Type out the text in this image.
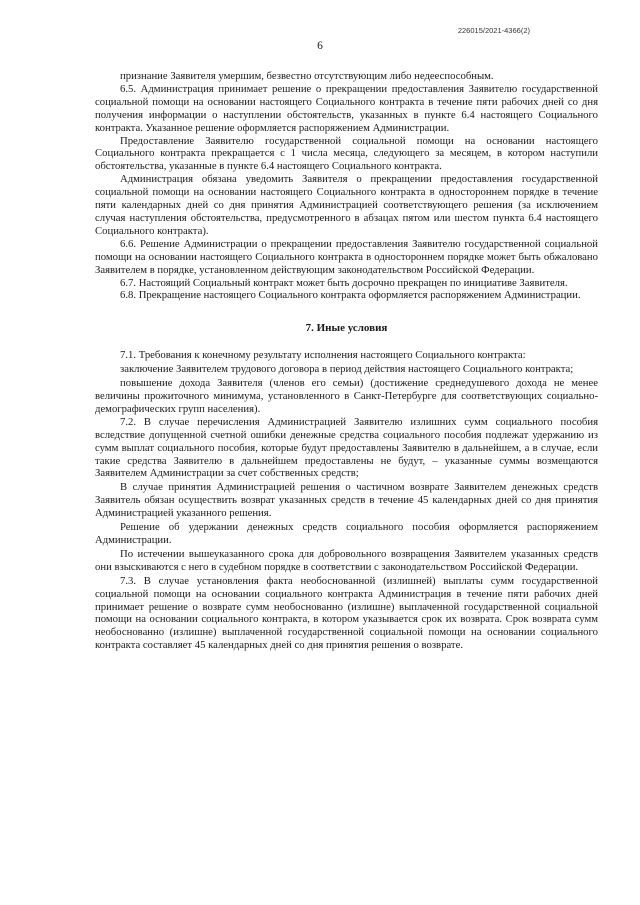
226015/2021-4366(2)
6

признание Заявителя умершим, безвестно отсутствующим либо недееспособным.

6.5. Администрация принимает решение о прекращении предоставления Заявителю государственной социальной помощи на основании настоящего Социального контракта в течение пяти рабочих дней со дня получения информации о наступлении обстоятельств, указанных в пункте 6.4 настоящего Социального контракта. Указанное решение оформляется распоряжением Администрации.

Предоставление Заявителю государственной социальной помощи на основании настоящего Социального контракта прекращается с 1 числа месяца, следующего за месяцем, в котором наступили обстоятельства, указанные в пункте 6.4 настоящего Социального контракта.

Администрация обязана уведомить Заявителя о прекращении предоставления государственной социальной помощи на основании настоящего Социального контракта в одностороннем порядке в течение пяти календарных дней со дня принятия Администрацией соответствующего решения (за исключением случая наступления обстоятельства, предусмотренного в абзацах пятом или шестом пункта 6.4 настоящего Социального контракта).

6.6. Решение Администрации о прекращении предоставления Заявителю государственной социальной помощи на основании настоящего Социального контракта в одностороннем порядке может быть обжаловано Заявителем в порядке, установленном действующим законодательством Российской Федерации.

6.7. Настоящий Социальный контракт может быть досрочно прекращен по инициативе Заявителя.

6.8. Прекращение настоящего Социального контракта оформляется распоряжением Администрации.

7. Иные условия

7.1. Требования к конечному результату исполнения настоящего Социального контракта:

заключение Заявителем трудового договора в период действия настоящего Социального контракта;

повышение дохода Заявителя (членов его семьи) (достижение среднедушевого дохода не менее величины прожиточного минимума, установленного в Санкт-Петербурге для соответствующих социально-демографических групп населения).

7.2. В случае перечисления Администрацией Заявителю излишних сумм социального пособия вследствие допущенной счетной ошибки денежные средства социального пособия подлежат удержанию из сумм выплат социального пособия, которые будут предоставлены Заявителю в дальнейшем, а в случае, если такие средства Заявителю в дальнейшем предоставлены не будут, – указанные суммы возмещаются Заявителем Администрации за счет собственных средств;

В случае принятия Администрацией решения о частичном возврате Заявителем денежных средств Заявитель обязан осуществить возврат указанных средств в течение 45 календарных дней со дня принятия Администрацией указанного решения.

Решение об удержании денежных средств социального пособия оформляется распоряжением Администрации.

По истечении вышеуказанного срока для добровольного возвращения Заявителем указанных средств они взыскиваются с него в судебном порядке в соответствии с законодательством Российской Федерации.

7.3. В случае установления факта необоснованной (излишней) выплаты сумм государственной социальной помощи на основании социального контракта Администрация в течение пяти рабочих дней принимает решение о возврате сумм необоснованно (излишне) выплаченной государственной социальной помощи на основании социального контракта, в котором указывается срок их возврата. Срок возврата сумм необоснованно (излишне) выплаченной государственной социальной помощи на основании социального контракта составляет 45 календарных дней со дня принятия решения о возврате.
